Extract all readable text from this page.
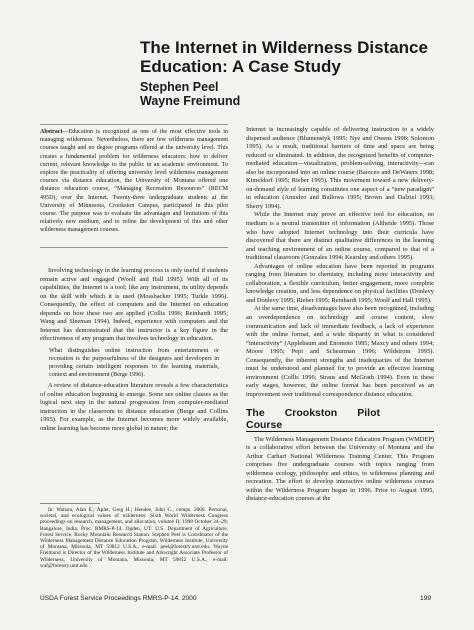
The Internet in Wilderness Distance Education: A Case Study
Stephen Peel
Wayne Freimund
Abstract—Education is recognized as one of the most effective tools in managing wilderness. Nevertheless, there are few wilderness management courses taught and no degree programs offered at the university level. This creates a fundamental problem for wilderness educators: how to deliver current, relevant knowledge to the public in an academic environment. To explore the practicality of offering university level wilderness management courses via distance education, the University of Montana offered one distance education course, “Managing Recreation Resources” (RECM 495D), over the Internet. Twenty-three undergraduate students at the University of Minnesota, Crookston Campus, participated in this pilot course. The purpose was to evaluate the advantages and limitations of this relatively new medium, and to refine the development of this and other wilderness management courses.

Involving technology in the learning process is only useful if students remain active and engaged (Woolf and Hall 1995). With all of its capabilities, the Internet is a tool; like any instrument, its utility depends on the skill with which it is used (Mossbacker 1995; Turkle 1996). Consequently, the effect of computers and the Internet on education depends on how these two are applied (Collis 1996; Reinhardt 1995; Wang and Sleeman 1994). Indeed, experience with computers and the Internet has demonstrated that the instructor is a key figure in the effectiveness of any program that involves technology in education.

What distinguishes online instruction from entertainment or recreation is the purposefulness of the designers and developers in providing certain intelligent responses to the learning materials, context and environment (Berge 1996).

A review of distance-education literature reveals a few characteristics of online education beginning to emerge. Some see online classes as the logical next step in the natural progression from computer-mediated instruction in the classroom to distance education (Berge and Collins 1995). For example, as the Internet becomes more widely available, online learning has become more global in nature; the

In: Watson, Alan E.; Aplet, Greg H.; Hendee, John C., comps. 2000. Personal, societal, and ecological values of wilderness: Sixth World Wilderness Congress proceedings on research, management, and allocation, volume II; 1998 October 24–29; Bangalore, India. Proc. RMRS-P-14. Ogden, UT: U.S. Department of Agriculture, Forest Service, Rocky Mountain Research Station. Stephen Peel is Coordinator of the Wilderness Management Distance Education Program, Wilderness Institute, University of Montana, Missoula, MT 59812 U.S.A., e-mail: peel@forestry.umt.edu. Wayne Freimund is Director of the Wilderness Institute and Arkwright Associate Professor of Wilderness, University of Montana, Missoula, MT 59812 U.S.A., e-mail: waf@forestry.umt.edu

Internet is increasingly capable of delivering instruction to a widely dispersed audience (Blumenstyk 1995; Nye and Owens 1996; Solomon 1995). As a result, traditional barriers of time and space are being reduced or eliminated. In addition, the recognized benefits of computer-mediated education—visualization, problem-solving, interactivity—can also be incorporated into an online course (Baioceo and DeWaters 1998; Kimeldorf 1995; Rieber 1995). This movement toward a new delivery-on-demand style of learning constitutes one aspect of a “new paradigm” in education (Amodeo and Bullowa 1995; Brown and Dalziel 1993; Sherry 1994).

While the Internet may prove an effective tool for education, no medium is a neutral transmitter of information (Altheide 1995). Those who have adopted Internet technology into their curricula have discovered that there are distinct qualitative differences in the learning and teaching environment of an online course, compared to that of a traditional classroom (Gonzales 1994; Kearsley and others 1995).

Advantages of online education have been reported in programs ranging from literature to chemistry, including more interactivity and collaboration, a flexible curriculum, better engagement, more complete knowledge creation, and less dependence on physical facilities (Donlevy and Donlevy 1995; Rieber 1995; Reinhardt 1995; Woolf and Hall 1995).

At the same time, disadvantages have also been recognized, including an overdependence on technology and course content, slow communication and lack of immediate feedback, a lack of experience with the online format, and a wide disparity in what is considered “interactivity” (Applebaum and Enomoto 1995; Maxcy and others 1994; Moore 1995; Pepi and Scheurman 1996; Wildstrom 1995). Consequently, the inherent strengths and inadequacies of the Internet must be understood and planned for to provide an effective learning environment (Collis 1996; Straus and McGrath 1994). Even in these early stages, however, the online format has been perceived as an improvement over traditional correspondence distance education.

The Crookston Pilot Course

The Wilderness Management Distance Education Program (WMDEP) is a collaborative effort between the University of Montana and the Arthur Carhart National Wilderness Training Center. This Program comprises five undergraduate courses with topics ranging from wilderness ecology, philosophy and ethics, to wilderness planning and recreation. The effort to develop interactive online wilderness courses within the Wilderness Program began in 1996. Prior to August 1995, distance-education courses at the

USDA Forest Service Proceedings RMRS-P-14. 2000	199
